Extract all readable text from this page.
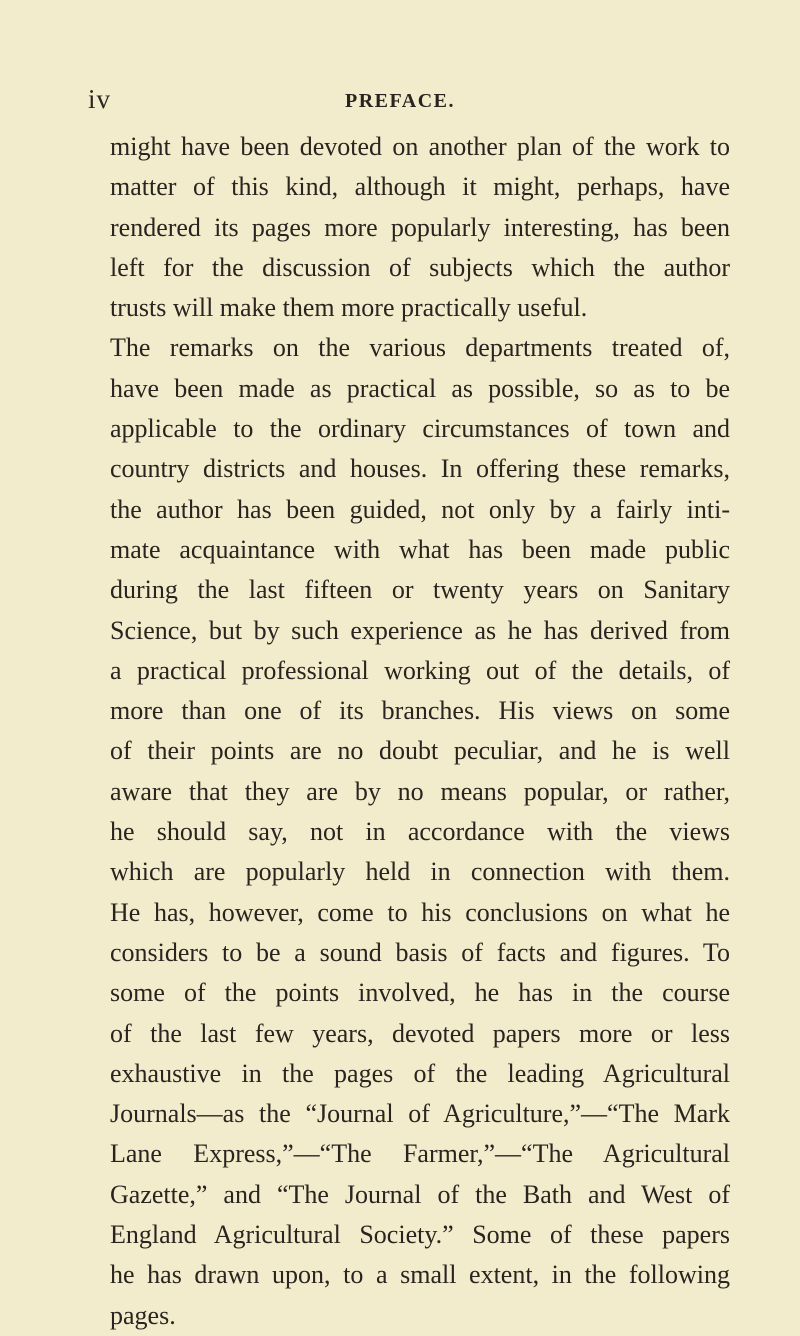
iv	PREFACE.
might have been devoted on another plan of the work to
matter of this kind, although it might, perhaps, have
rendered its pages more popularly interesting, has been
left for the discussion of subjects which the author
trusts will make them more practically useful.
The remarks on the various departments treated of,
have been made as practical as possible, so as to be
applicable to the ordinary circumstances of town and
country districts and houses. In offering these remarks,
the author has been guided, not only by a fairly inti-
mate acquaintance with what has been made public
during the last fifteen or twenty years on Sanitary
Science, but by such experience as he has derived from
a practical professional working out of the details, of
more than one of its branches. His views on some
of their points are no doubt peculiar, and he is well
aware that they are by no means popular, or rather,
he should say, not in accordance with the views
which are popularly held in connection with them.
He has, however, come to his conclusions on what he
considers to be a sound basis of facts and figures. To
some of the points involved, he has in the course
of the last few years, devoted papers more or less
exhaustive in the pages of the leading Agricultural
Journals—as the “Journal of Agriculture,”—“The Mark
Lane Express,”—“The Farmer,”—“The Agricultural
Gazette,” and “The Journal of the Bath and West of
England Agricultural Society.” Some of these papers
he has drawn upon, to a small extent, in the following
pages.
